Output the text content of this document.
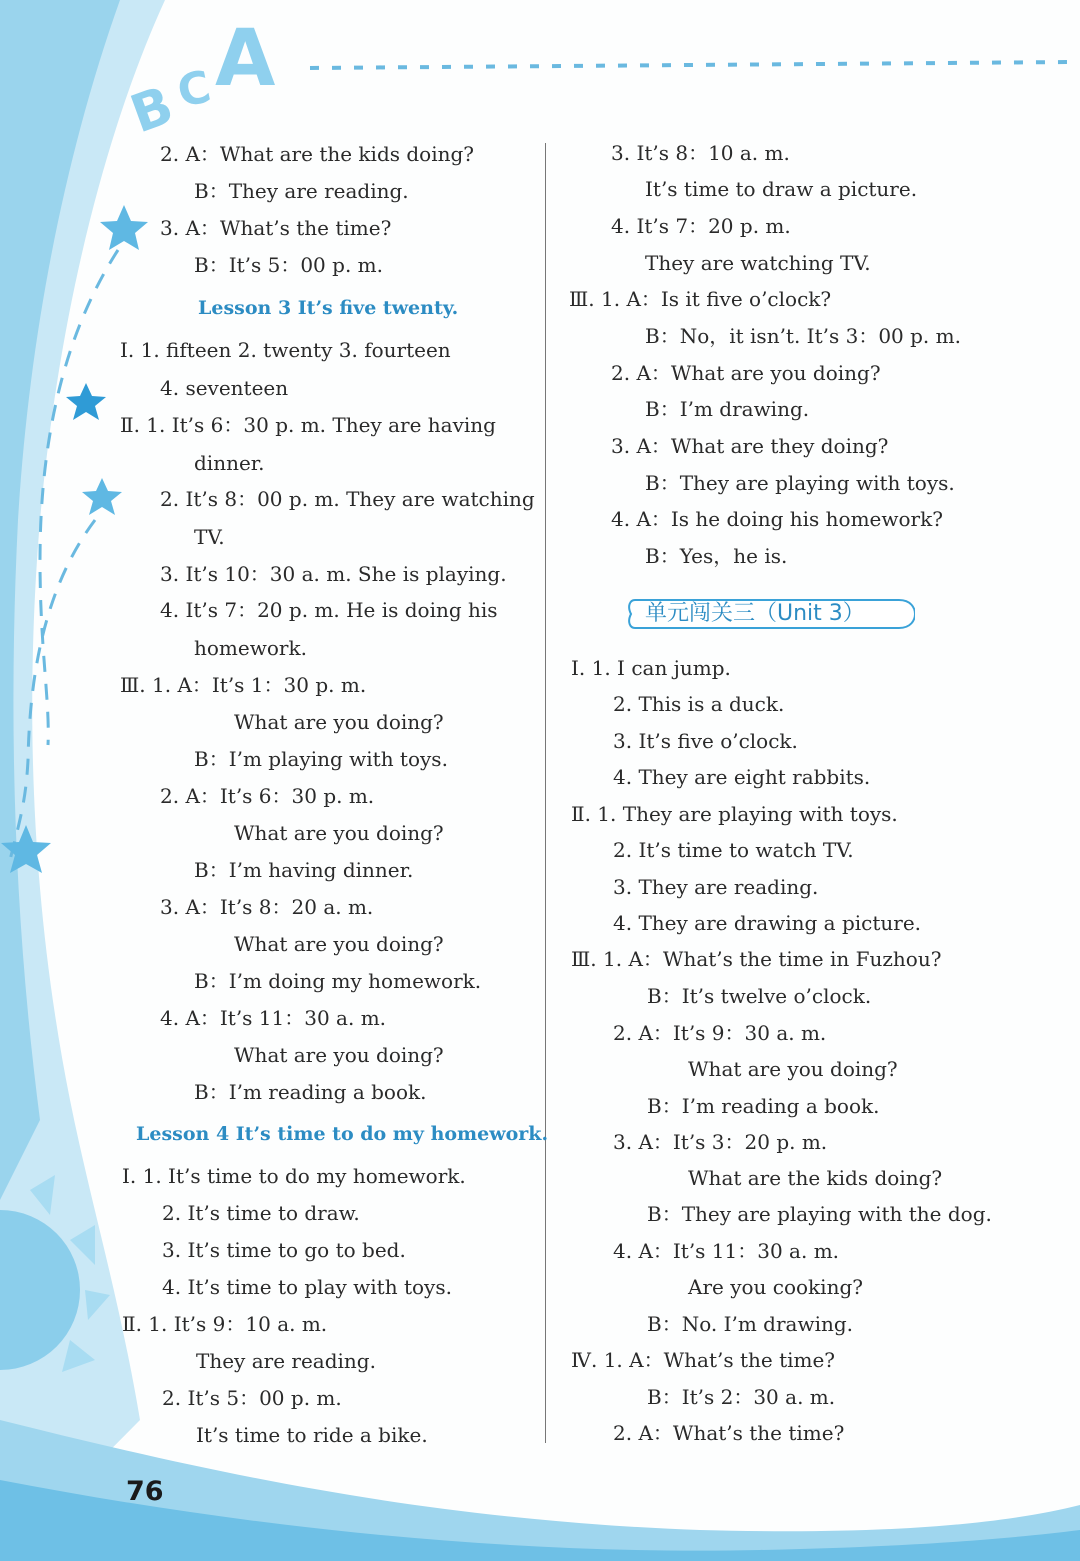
B
C A
2. A：What are the kids doing?
B：They are reading.
3. A：What’s the time?
B：It’s 5：00 p. m.
Lesson 3 It’s five twenty.
Ⅰ. 1. fifteen 2. twenty 3. fourteen
4. seventeen
Ⅱ. 1. It’s 6：30 p. m. They are having
dinner.
2. It’s 8：00 p. m. They are watching
TV.
3. It’s 10：30 a. m. She is playing.
4. It’s 7：20 p. m. He is doing his
homework.
Ⅲ. 1. A：It’s 1：30 p. m.
What are you doing?
B：I’m playing with toys.
2. A：It’s 6：30 p. m.
What are you doing?
B：I’m having dinner.
3. A：It’s 8：20 a. m.
What are you doing?
B：I’m doing my homework.
4. A：It’s 11：30 a. m.
What are you doing?
B：I’m reading a book.
Lesson 4 It’s time to do my homework.
Ⅰ. 1. It’s time to do my homework.
2. It’s time to draw.
3. It’s time to go to bed.
4. It’s time to play with toys.
Ⅱ. 1. It’s 9：10 a. m.
They are reading.
2. It’s 5：00 p. m.
It’s time to ride a bike.
3. It’s 8：10 a. m.
It’s time to draw a picture.
4. It’s 7：20 p. m.
They are watching TV.
Ⅲ. 1. A：Is it five o’clock?
B：No，it isn’t. It’s 3：00 p. m.
2. A：What are you doing?
B：I’m drawing.
3. A：What are they doing?
B：They are playing with toys.
4. A：Is he doing his homework?
B：Yes，he is.
单元闯关三（Unit 3）
Ⅰ. 1. I can jump.
2. This is a duck.
3. It’s five o’clock.
4. They are eight rabbits.
Ⅱ. 1. They are playing with toys.
2. It’s time to watch TV.
3. They are reading.
4. They are drawing a picture.
Ⅲ. 1. A：What’s the time in Fuzhou?
B：It’s twelve o’clock.
2. A：It’s 9：30 a. m.
What are you doing?
B：I’m reading a book.
3. A：It’s 3：20 p. m.
What are the kids doing?
B：They are playing with the dog.
4. A：It’s 11：30 a. m.
Are you cooking?
B：No. I’m drawing.
Ⅳ. 1. A：What’s the time?
B：It’s 2：30 a. m.
2. A：What’s the time?
76
